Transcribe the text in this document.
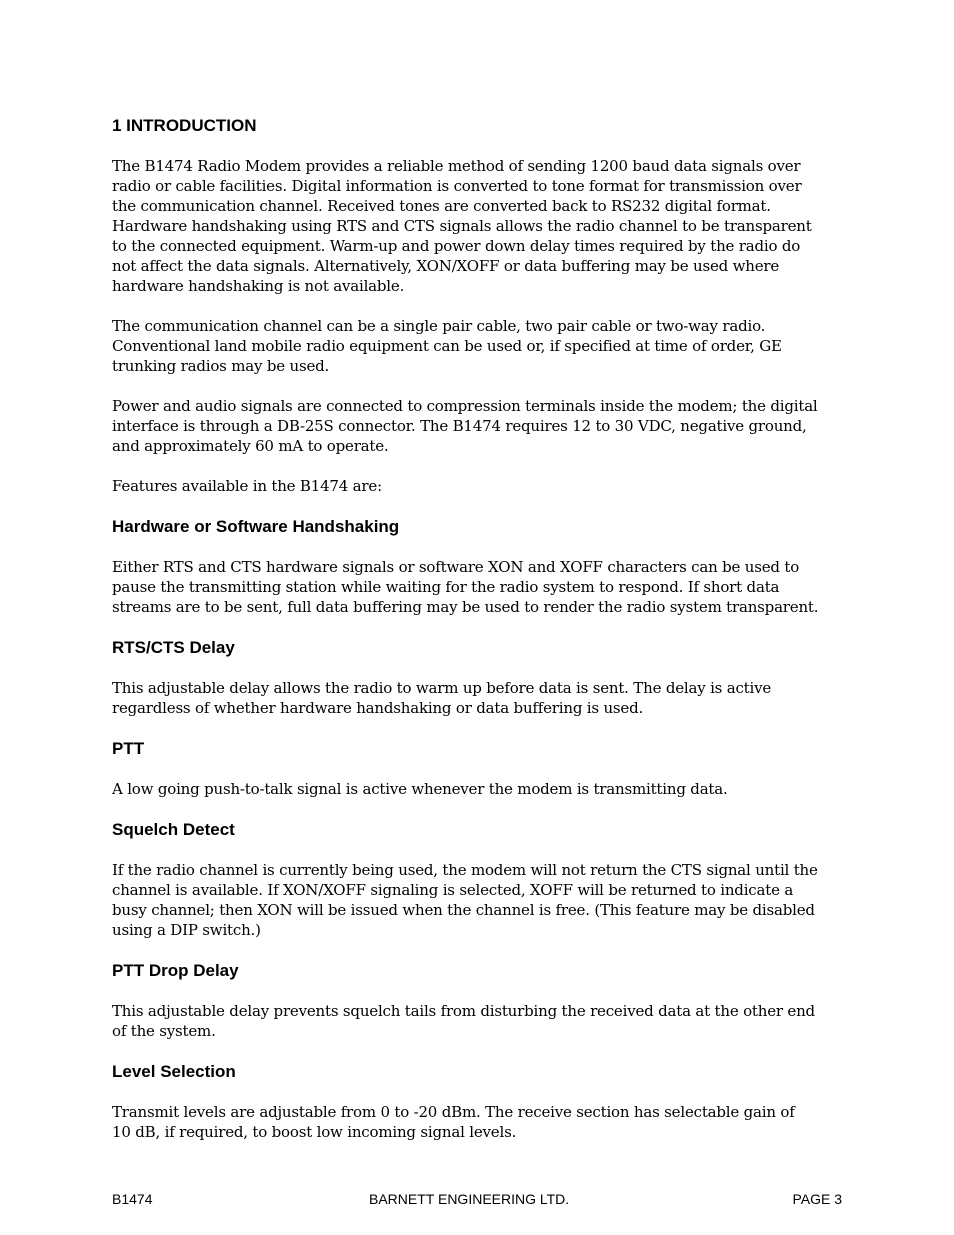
1 INTRODUCTION
The B1474 Radio Modem provides a reliable method of sending 1200 baud data signals over
radio or cable facilities. Digital information is converted to tone format for transmission over
the communication channel. Received tones are converted back to RS232 digital format.
Hardware handshaking using RTS and CTS signals allows the radio channel to be transparent
to the connected equipment. Warm-up and power down delay times required by the radio do
not affect the data signals. Alternatively, XON/XOFF or data buffering may be used where
hardware handshaking is not available.
The communication channel can be a single pair cable, two pair cable or two-way radio.
Conventional land mobile radio equipment can be used or, if specified at time of order, GE
trunking radios may be used.
Power and audio signals are connected to compression terminals inside the modem; the digital
interface is through a DB-25S connector. The B1474 requires 12 to 30 VDC, negative ground,
and approximately 60 mA to operate.
Features available in the B1474 are:
Hardware or Software Handshaking
Either RTS and CTS hardware signals or software XON and XOFF characters can be used to
pause the transmitting station while waiting for the radio system to respond. If short data
streams are to be sent, full data buffering may be used to render the radio system transparent.
RTS/CTS Delay
This adjustable delay allows the radio to warm up before data is sent. The delay is active
regardless of whether hardware handshaking or data buffering is used.
PTT
A low going push-to-talk signal is active whenever the modem is transmitting data.
Squelch Detect
If the radio channel is currently being used, the modem will not return the CTS signal until the
channel is available. If XON/XOFF signaling is selected, XOFF will be returned to indicate a
busy channel; then XON will be issued when the channel is free. (This feature may be disabled
using a DIP switch.)
PTT Drop Delay
This adjustable delay prevents squelch tails from disturbing the received data at the other end
of the system.
Level Selection
Transmit levels are adjustable from 0 to -20 dBm. The receive section has selectable gain of
10 dB, if required, to boost low incoming signal levels.
B1474	BARNETT ENGINEERING LTD.	PAGE 3
